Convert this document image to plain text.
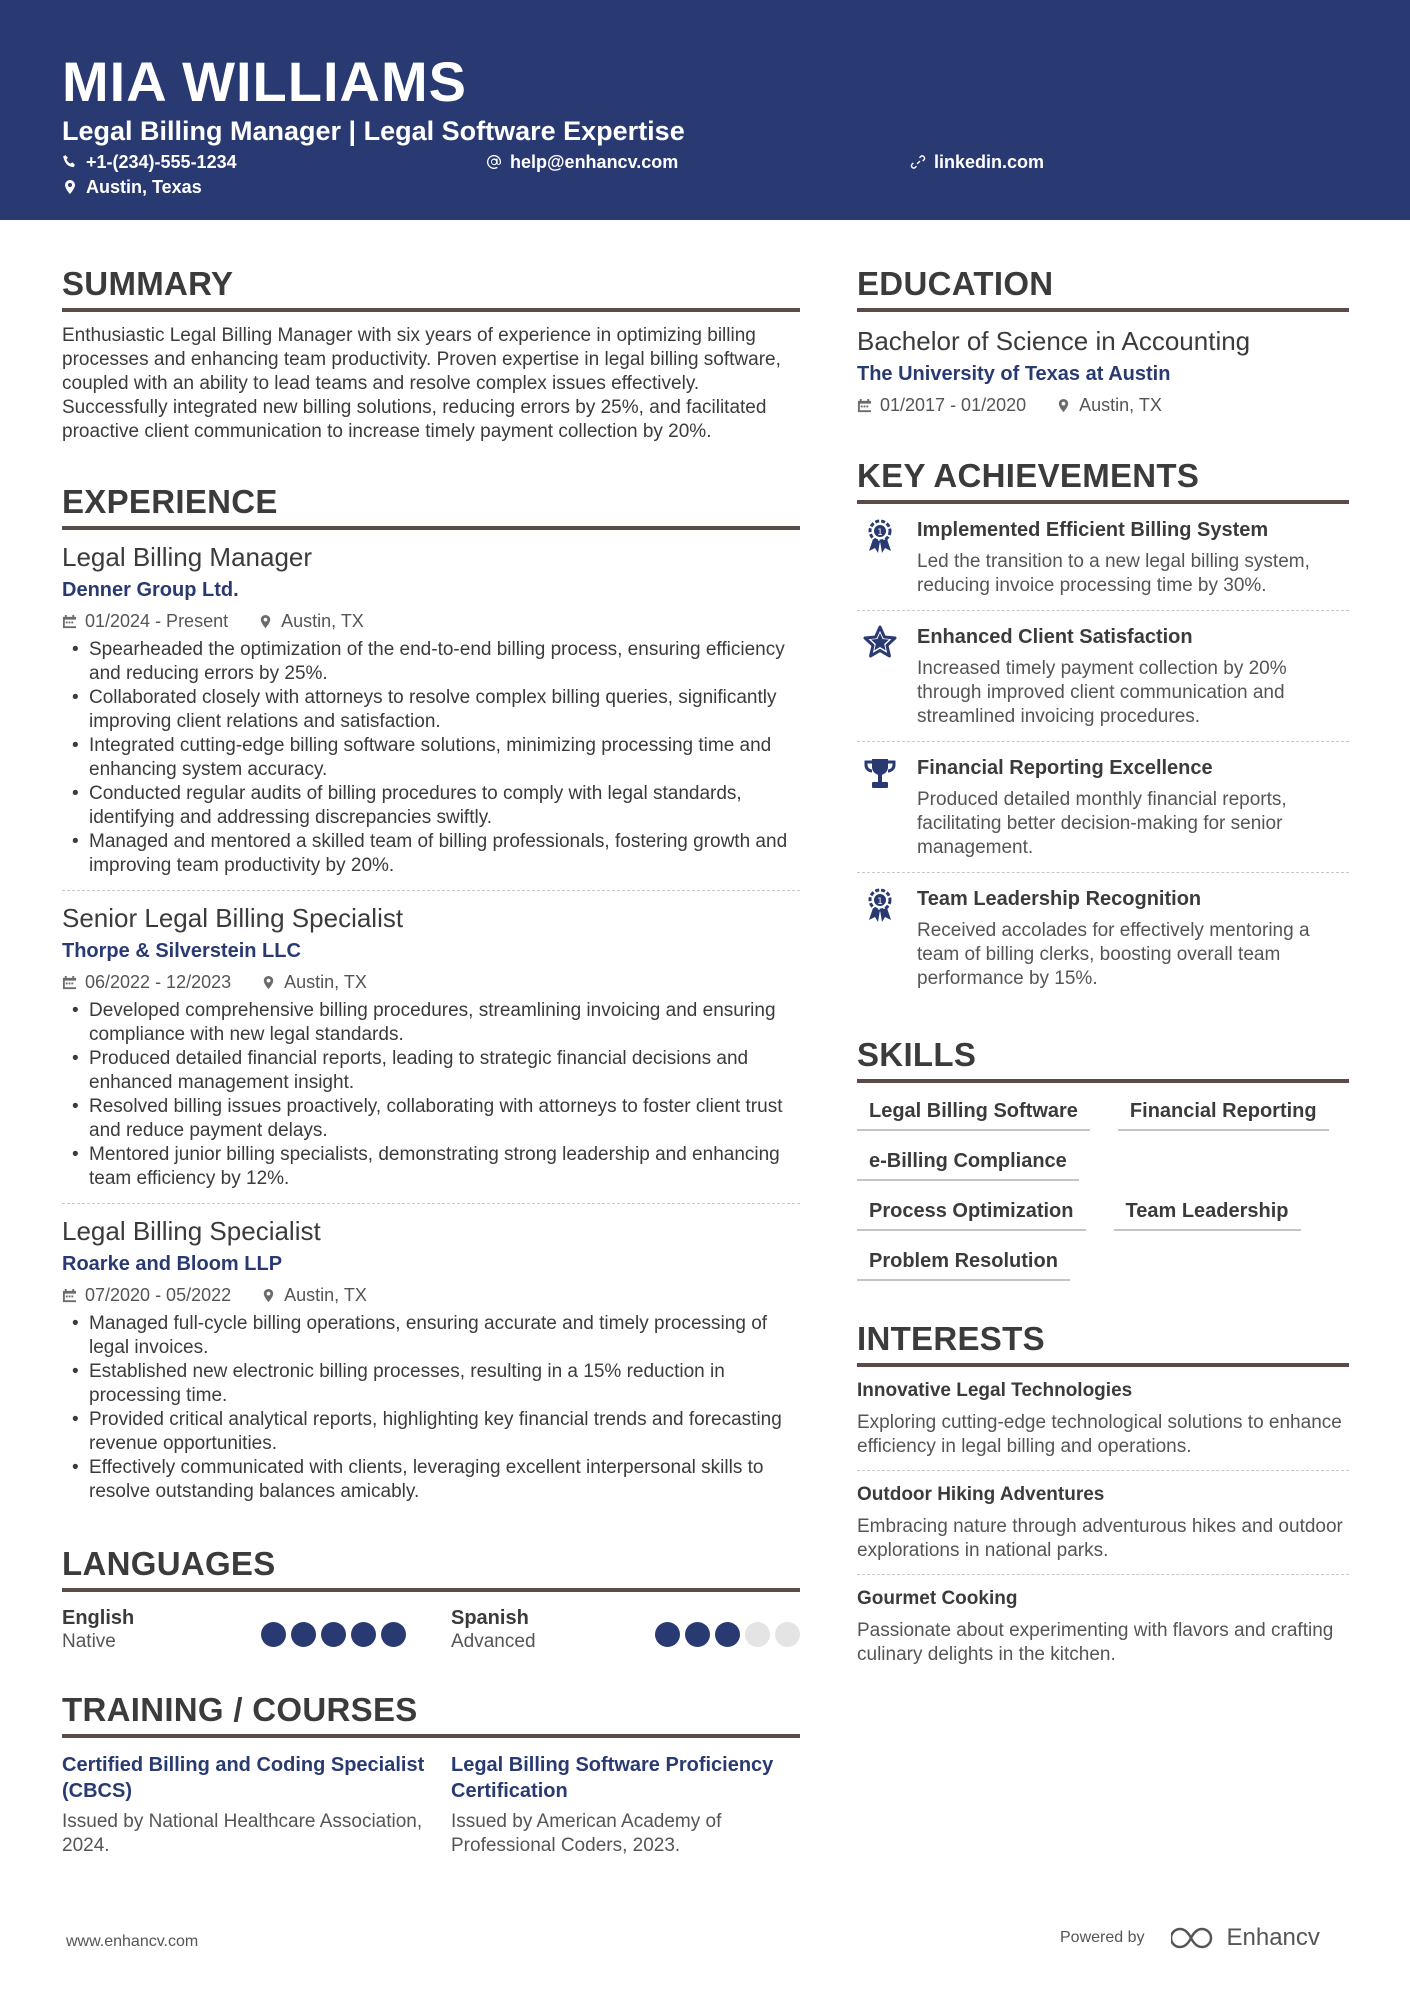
MIA WILLIAMS
Legal Billing Manager | Legal Software Expertise
+1-(234)-555-1234	help@enhancv.com	linkedin.com
Austin, Texas
SUMMARY

Enthusiastic Legal Billing Manager with six years of experience in optimizing billing processes and enhancing team productivity. Proven expertise in legal billing software, coupled with an ability to lead teams and resolve complex issues effectively. Successfully integrated new billing solutions, reducing errors by 25%, and facilitated proactive client communication to increase timely payment collection by 20%.

EXPERIENCE
Legal Billing Manager
Denner Group Ltd.
01/2024 - Present	Austin, TX
• Spearheaded the optimization of the end-to-end billing process, ensuring efficiency and reducing errors by 25%.
• Collaborated closely with attorneys to resolve complex billing queries, significantly improving client relations and satisfaction.
• Integrated cutting-edge billing software solutions, minimizing processing time and enhancing system accuracy.
• Conducted regular audits of billing procedures to comply with legal standards, identifying and addressing discrepancies swiftly.
• Managed and mentored a skilled team of billing professionals, fostering growth and improving team productivity by 20%.
Senior Legal Billing Specialist
Thorpe & Silverstein LLC
06/2022 - 12/2023	Austin, TX
• Developed comprehensive billing procedures, streamlining invoicing and ensuring compliance with new legal standards.
• Produced detailed financial reports, leading to strategic financial decisions and enhanced management insight.
• Resolved billing issues proactively, collaborating with attorneys to foster client trust and reduce payment delays.
• Mentored junior billing specialists, demonstrating strong leadership and enhancing team efficiency by 12%.
Legal Billing Specialist
Roarke and Bloom LLP
07/2020 - 05/2022	Austin, TX
• Managed full-cycle billing operations, ensuring accurate and timely processing of legal invoices.
• Established new electronic billing processes, resulting in a 15% reduction in processing time.
• Provided critical analytical reports, highlighting key financial trends and forecasting revenue opportunities.
• Effectively communicated with clients, leveraging excellent interpersonal skills to resolve outstanding balances amicably.
LANGUAGES
English
Native
Spanish
Advanced
TRAINING / COURSES
Certified Billing and Coding Specialist (CBCS)
Issued by National Healthcare Association, 2024.
Legal Billing Software Proficiency Certification
Issued by American Academy of Professional Coders, 2023.
EDUCATION
Bachelor of Science in Accounting
The University of Texas at Austin
01/2017 - 01/2020	Austin, TX
KEY ACHIEVEMENTS
1 Implemented Efficient Billing System
Led the transition to a new legal billing system, reducing invoice processing time by 30%.
Enhanced Client Satisfaction
Increased timely payment collection by 20% through improved client communication and streamlined invoicing procedures.
Financial Reporting Excellence
Produced detailed monthly financial reports, facilitating better decision-making for senior management.
1 Team Leadership Recognition
Received accolades for effectively mentoring a team of billing clerks, boosting overall team performance by 15%.
SKILLS
Legal Billing Software	Financial Reporting
e-Billing Compliance
Process Optimization	Team Leadership
Problem Resolution
INTERESTS
Innovative Legal Technologies
Exploring cutting-edge technological solutions to enhance efficiency in legal billing and operations.
Outdoor Hiking Adventures
Embracing nature through adventurous hikes and outdoor explorations in national parks.
Gourmet Cooking
Passionate about experimenting with flavors and crafting culinary delights in the kitchen.
www.enhancv.com	Powered by	Enhancv
